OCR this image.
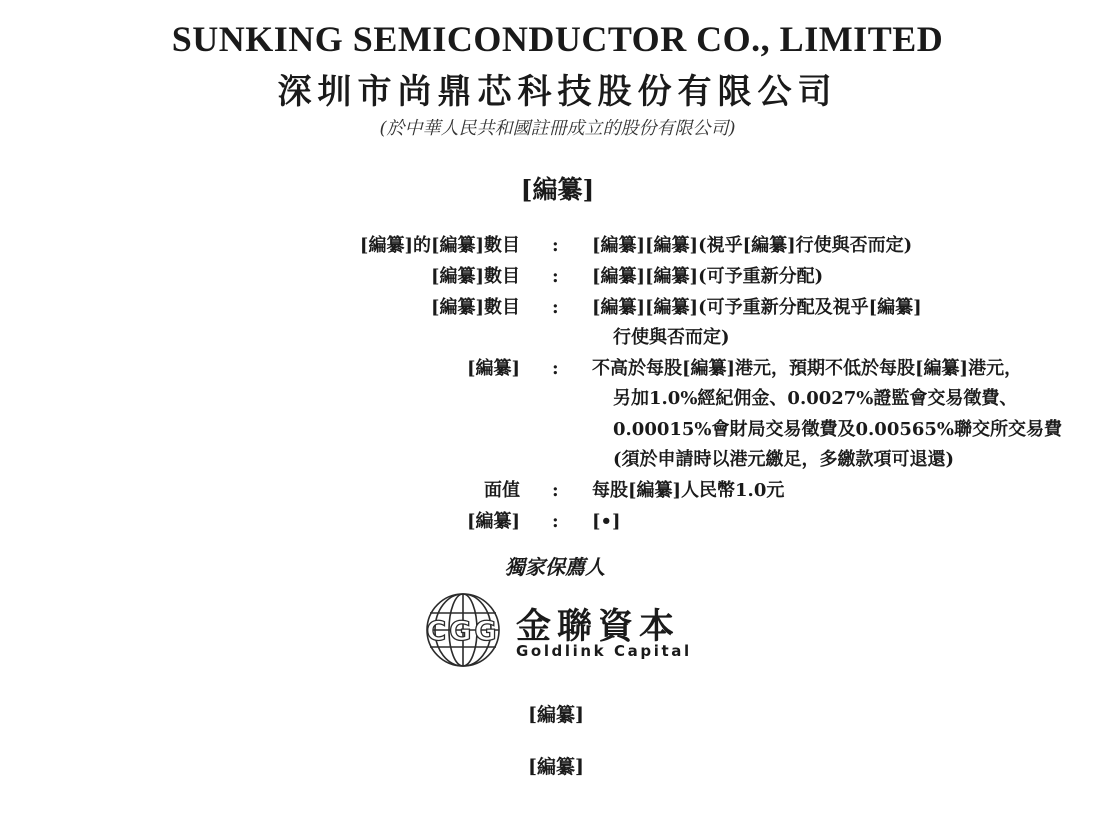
SUNKING SEMICONDUCTOR CO., LIMITED
深圳市尚鼎芯科技股份有限公司
(於中華人民共和國註冊成立的股份有限公司)
[編纂]
[編纂]的[編纂]數目 : [編纂][編纂](視乎[編纂]行使與否而定)
[編纂]數目 : [編纂][編纂](可予重新分配)
[編纂]數目 : [編纂][編纂](可予重新分配及視乎[編纂]
行使與否而定)
[編纂] : 不高於每股[編纂]港元，預期不低於每股[編纂]港元，
另加1.0%經紀佣金、0.0027%證監會交易徵費、
0.00015%會財局交易徵費及0.00565%聯交所交易費
(須於申請時以港元繳足，多繳款項可退還)
面值 : 每股[編纂]人民幣1.0元
[編纂] : [•]
獨家保薦人
CGG 金聯資本
Goldlink Capital
[編纂]
[編纂]
